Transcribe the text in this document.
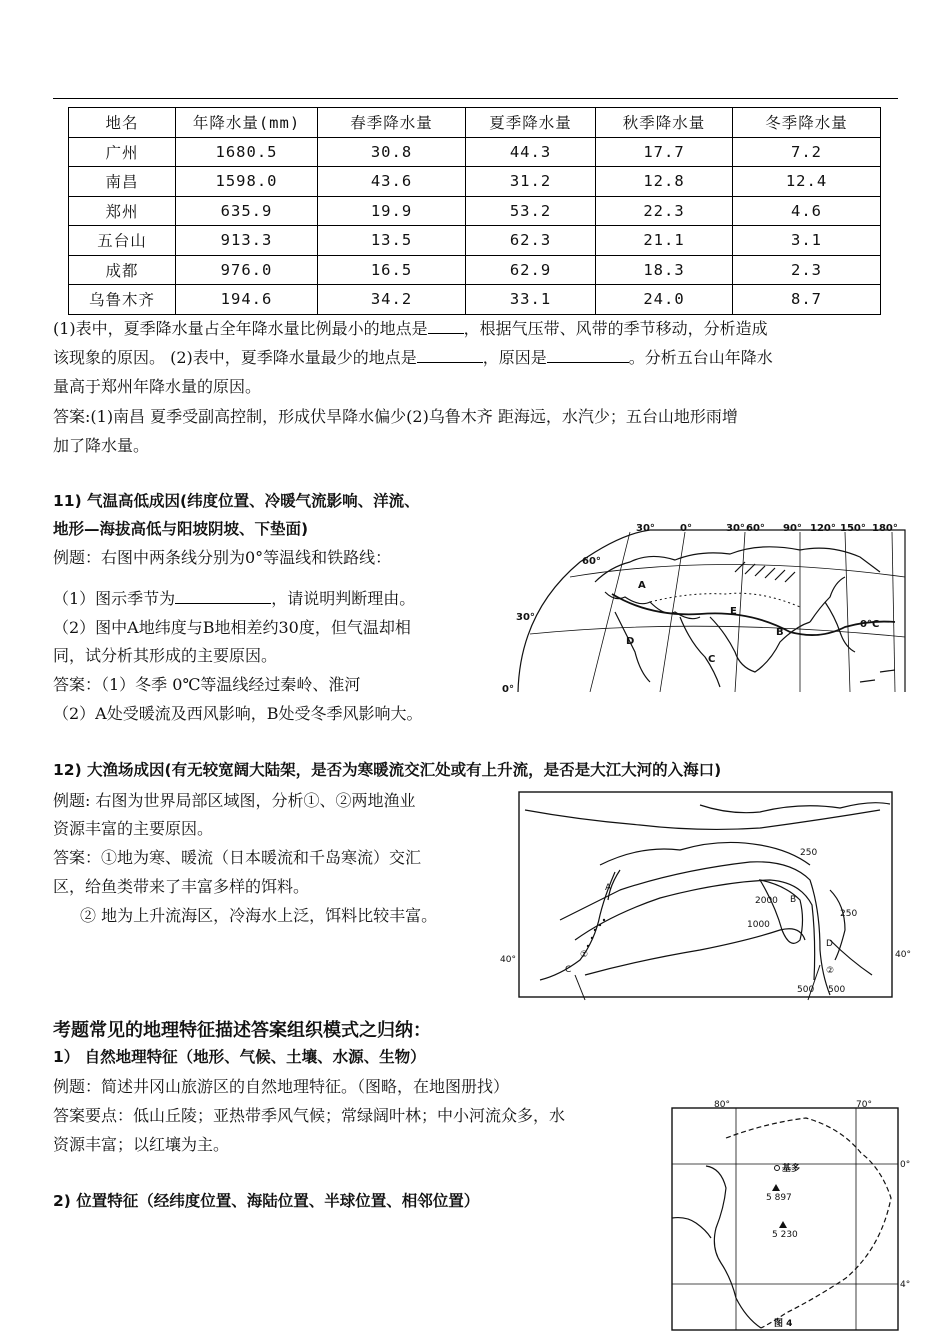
地名	年降水量(mm)	春季降水量	夏季降水量	秋季降水量	冬季降水量
广州	1680.5	30.8	44.3	17.7	7.2
南昌	1598.0	43.6	31.2	12.8	12.4
郑州	635.9	19.9	53.2	22.3	4.6
五台山	913.3	13.5	62.3	21.1	3.1
成都	976.0	16.5	62.9	18.3	2.3
乌鲁木齐	194.6	34.2	33.1	24.0	8.7
(1)表中，夏季降水量占全年降水量比例最小的地点是 ，根据气压带、风带的季节移动，分析造成
该现象的原因。 (2)表中，夏季降水量最少的地点是	，原因是	。分析五台山年降水
量高于郑州年降水量的原因。
答案:(1)南昌 夏季受副高控制，形成伏旱降水偏少(2)乌鲁木齐 距海远，水汽少；五台山地形雨增
加了降水量。
11) 气温高低成因(纬度位置、冷暖气流影响、洋流、
地形—海拔高低与阳坡阴坡、下垫面)
例题：右图中两条线分别为0°等温线和铁路线：
（1）图示季节为	，请说明判断理由。
（2）图中A地纬度与B地相差约30度，但气温却相
同，试分析其形成的主要原因。
答案：（1）冬季 0℃等温线经过秦岭、淮河
（2）A处受暖流及西风影响，B处受冬季风影响大。
30°	0°	30° 60° 90° 120° 150° 180°
60°
30°
0°
A
B
C
D
E
0°C
12) 大渔场成因(有无较宽阔大陆架，是否为寒暖流交汇处或有上升流，是否是大江大河的入海口)
例题: 右图为世界局部区域图，分析①、②两地渔业
资源丰富的主要原因。
答案：①地为寒、暖流（日本暖流和千岛寒流）交汇
区，给鱼类带来了丰富多样的饵料。
② 地为上升流海区，冷海水上泛，饵料比较丰富。
250
2000
1000
250
500 500
40°	40°
A
B
C
D
①
②
考题常见的地理特征描述答案组织模式之归纳：
1） 自然地理特征（地形、气候、土壤、水源、生物）
例题：简述井冈山旅游区的自然地理特征。（图略，在地图册找）
答案要点：低山丘陵；亚热带季风气候；常绿阔叶林；中小河流众多，水
资源丰富；以红壤为主。
2) 位置特征（经纬度位置、海陆位置、半球位置、相邻位置）
80°	70°
0°
4°
基多
5 897
5 230
图 4
